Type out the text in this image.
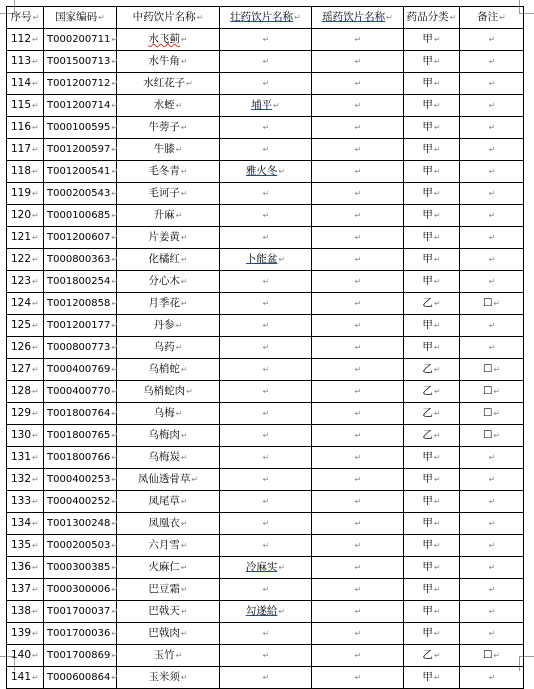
序号↵	国家编码↵	中药饮片名称↵	壮药饮片名称↵	瑶药饮片名称↵	药品分类↵	备注↵
112↵	T000200711↵	水飞蓟↵	↵	↵	甲↵	↵
113↵	T001500713↵	水牛角↵	↵	↵	甲↵	↵
114↵	T001200712↵	水红花子↵	↵	↵	甲↵	↵
115↵	T001200714↵	水蛭↵	埔平↵	↵	甲↵	↵
116↵	T000100595↵	牛蒡子↵	↵	↵	甲↵	↵
117↵	T001200597↵	牛膝↵	↵	↵	甲↵	↵
118↵	T001200541↵	毛冬青↵	雅火冬↵	↵	甲↵	↵
119↵	T000200543↵	毛诃子↵	↵	↵	甲↵	↵
120↵	T000100685↵	升麻↵	↵	↵	甲↵	↵
121↵	T001200607↵	片姜黄↵	↵	↵	甲↵	↵
122↵	T000800363↵	化橘红↵	卜能盆↵	↵	甲↵	↵
123↵	T001800254↵	分心木↵	↵	↵	甲↵	↵
124↵	T001200858↵	月季花↵	↵	↵	乙↵	☐↵
125↵	T001200177↵	丹参↵	↵	↵	甲↵	↵
126↵	T000800773↵	乌药↵	↵	↵	甲↵	↵
127↵	T000400769↵	乌梢蛇↵	↵	↵	乙↵	☐↵
128↵	T000400770↵	乌梢蛇肉↵	↵	↵	乙↵	☐↵
129↵	T001800764↵	乌梅↵	↵	↵	乙↵	☐↵
130↵	T001800765↵	乌梅肉↵	↵	↵	乙↵	☐↵
131↵	T001800766↵	乌梅炭↵	↵	↵	甲↵	↵
132↵	T000400253↵	凤仙透骨草↵	↵	↵	甲↵	↵
133↵	T000400252↵	凤尾草↵	↵	↵	甲↵	↵
134↵	T001300248↵	凤凰衣↵	↵	↵	甲↵	↵
135↵	T000200503↵	六月雪↵	↵	↵	甲↵	↵
136↵	T000300385↵	火麻仁↵	冷麻实↵	↵	甲↵	↵
137↵	T000300006↵	巴豆霜↵	↵	↵	甲↵	↵
138↵	T001700037↵	巴戟天↵	勾遂給↵	↵	甲↵	↵
139↵	T001700036↵	巴戟肉↵	↵	↵	甲↵	↵
140↵	T001700869↵	玉竹↵	↵	↵	乙↵	☐↵
141↵	T000600864↵	玉米须↵	↵	↵	甲↵	↵
